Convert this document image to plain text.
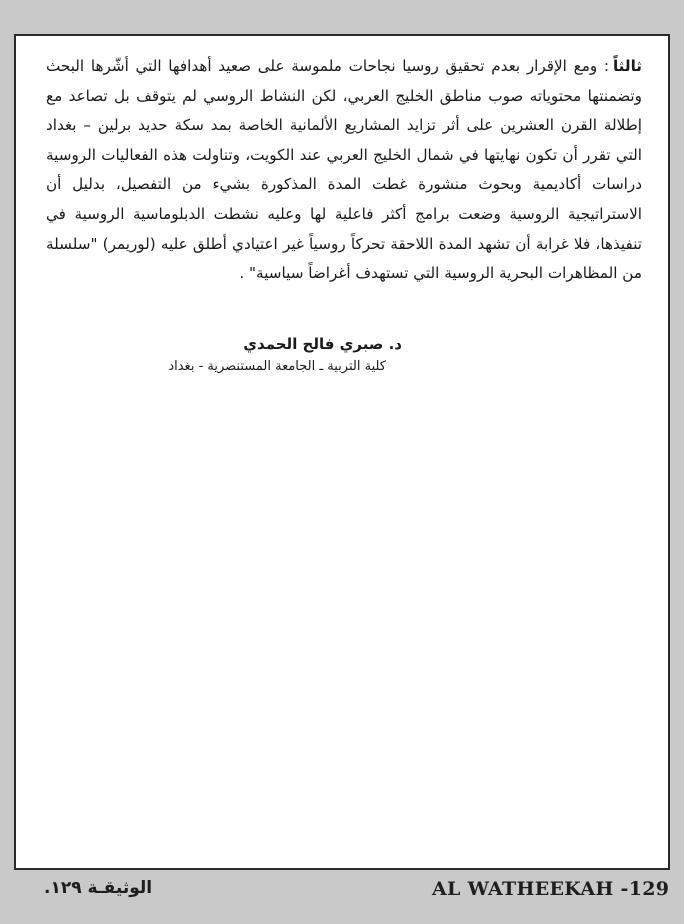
ثالثاً: ومع الإقرار بعدم تحقيق روسيا نجاحات ملموسة على صعيد أهدافها التي أشّرها البحث وتضمنتها محتوياته صوب مناطق الخليج العربي، لكن النشاط الروسي لم يتوقف بل تصاعد مع إطلالة القرن العشرين على أثر تزايد المشاريع الألمانية الخاصة بمد سكة حديد برلين – بغداد التي تقرر أن تكون نهايتها في شمال الخليج العربي عند الكويت، وتناولت هذه الفعاليات الروسية دراسات أكاديمية وبحوث منشورة غطت المدة المذكورة بشيء من التفصيل، بدليل أن الاستراتيجية الروسية وضعت برامج أكثر فاعلية لها وعليه نشطت الدبلوماسية الروسية في تنفيذها، فلا غرابة أن تشهد المدة اللاحقة تحركاً روسياً غير اعتيادي أطلق عليه (لوريمر) "سلسلة من المظاهرات البحرية الروسية التي تستهدف أغراضاً سياسية" .

د. صبري فالح الحمدي
كلية التربية ـ الجامعة المستنصرية - بغداد
الوثيقـة ١٢٩.	AL WATHEEKAH -129
